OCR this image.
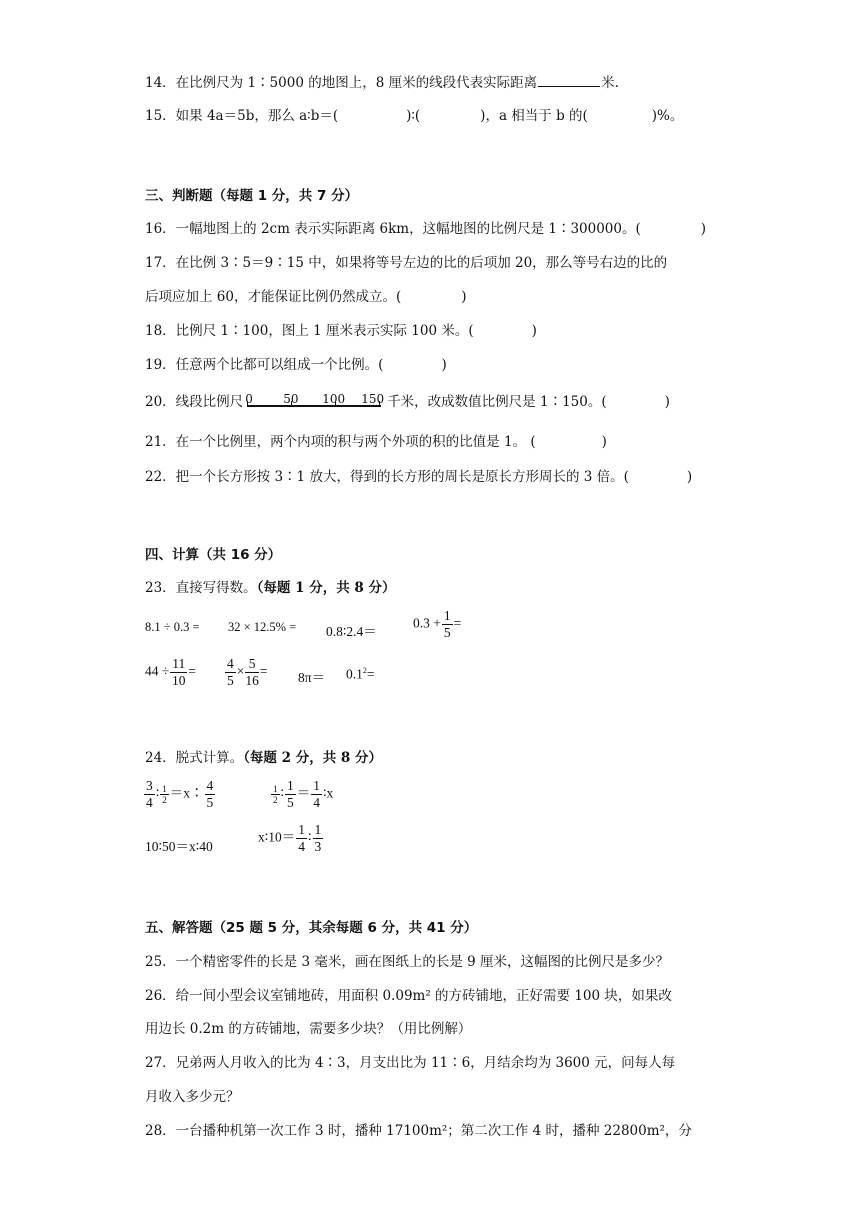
14．在比例尺为 1∶5000 的地图上，8 厘米的线段代表实际距离	米.
15．如果 4a＝5b，那么 a∶b＝(	)∶(	)，a 相当于 b 的(	)%。
三、判断题（每题 1 分，共 7 分）
16．一幅地图上的 2cm 表示实际距离 6km，这幅地图的比例尺是 1∶300000。(	)
17．在比例 3∶5＝9∶15 中，如果将等号左边的比的后项加 20，那么等号右边的比的
后项应加上 60，才能保证比例仍然成立。(	)
18．比例尺 1∶100，图上 1 厘米表示实际 100 米。(	)
19．任意两个比都可以组成一个比例。(	)
20．线段比例尺 0	50 100 150 千米，改成数值比例尺是 1∶150。(	)
21．在一个比例里，两个内项的积与两个外项的积的比值是 1。 (	)
22．把一个长方形按 3∶1 放大，得到的长方形的周长是原长方形周长的 3 倍。(	)
四、计算（共 16 分）
23．直接写得数。（每题 1 分，共 8 分）
8.1 ÷ 0.3 = 32 × 12.5% = 0.8∶2.4＝
$0.3 + \frac{1}{5}$ =
$44 \div \frac{11}{10} = \frac{4}{5} \times \frac{5}{16} = 8\pi= 0.1^2=$
24．脱式计算。（每题 2 分，共 8 分）
$\frac{3}{4}$ ∶ $\frac{1}{2}$ ＝x∶ $\frac{4}{5}$	$\frac{1}{2}$ ∶ $\frac{1}{5} = \frac{1}{4}$ ∶x
10∶50＝x∶40
x∶10＝ $\frac{1}{4}$ ∶ $\frac{1}{3}$
五、解答题（25 题 5 分，其余每题 6 分，共 41 分）
25．一个精密零件的长是 3 毫米，画在图纸上的长是 9 厘米，这幅图的比例尺是多少？
26．给一间小型会议室铺地砖，用面积 0.09m² 的方砖铺地，正好需要 100 块，如果改
用边长 0.2m 的方砖铺地，需要多少块？（用比例解）
27．兄弟两人月收入的比为 4∶3，月支出比为 11∶6，月结余均为 3600 元，问每人每
月收入多少元？
28．一台播种机第一次工作 3 时，播种 17100m²；第二次工作 4 时，播种 22800m²，分
